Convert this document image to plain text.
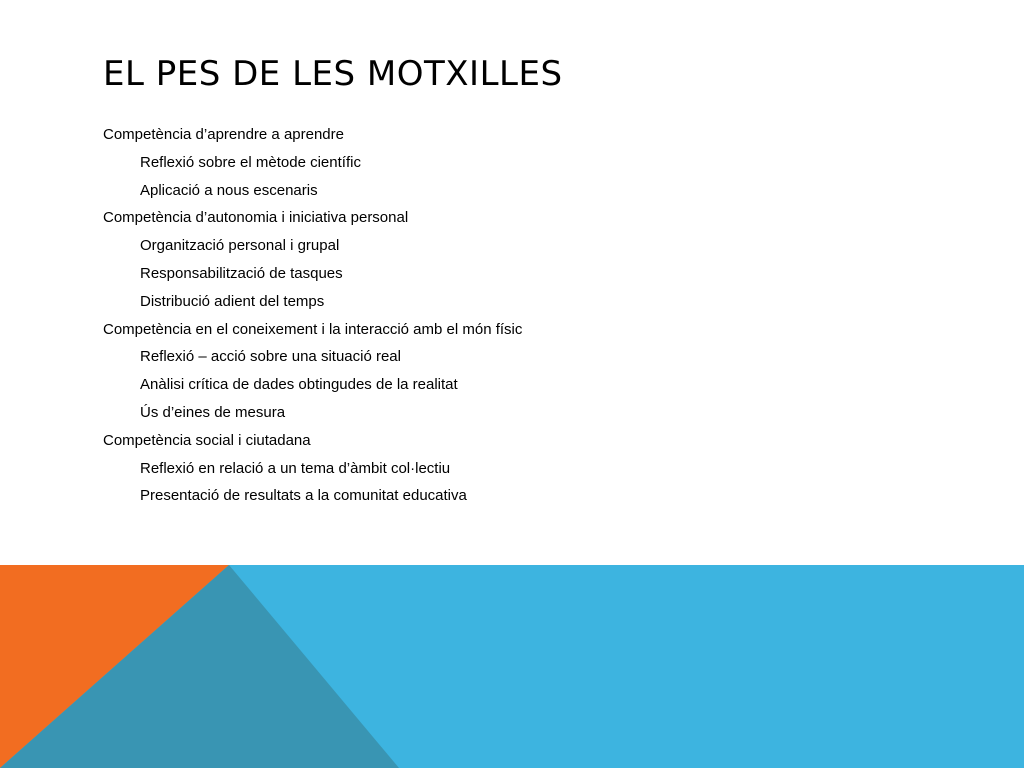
EL PES DE LES MOTXILLES
Competència d’aprendre a aprendre
Reflexió sobre el mètode científic
Aplicació a nous escenaris
Competència d’autonomia i iniciativa personal
Organització personal i grupal
Responsabilització de tasques
Distribució adient del temps
Competència en el coneixement i la interacció amb el món físic
Reflexió – acció sobre una situació real
Anàlisi crítica de dades obtingudes de la realitat
Ús d’eines de mesura
Competència social i ciutadana
Reflexió en relació a un tema d’àmbit col·lectiu
Presentació de resultats a la comunitat educativa
